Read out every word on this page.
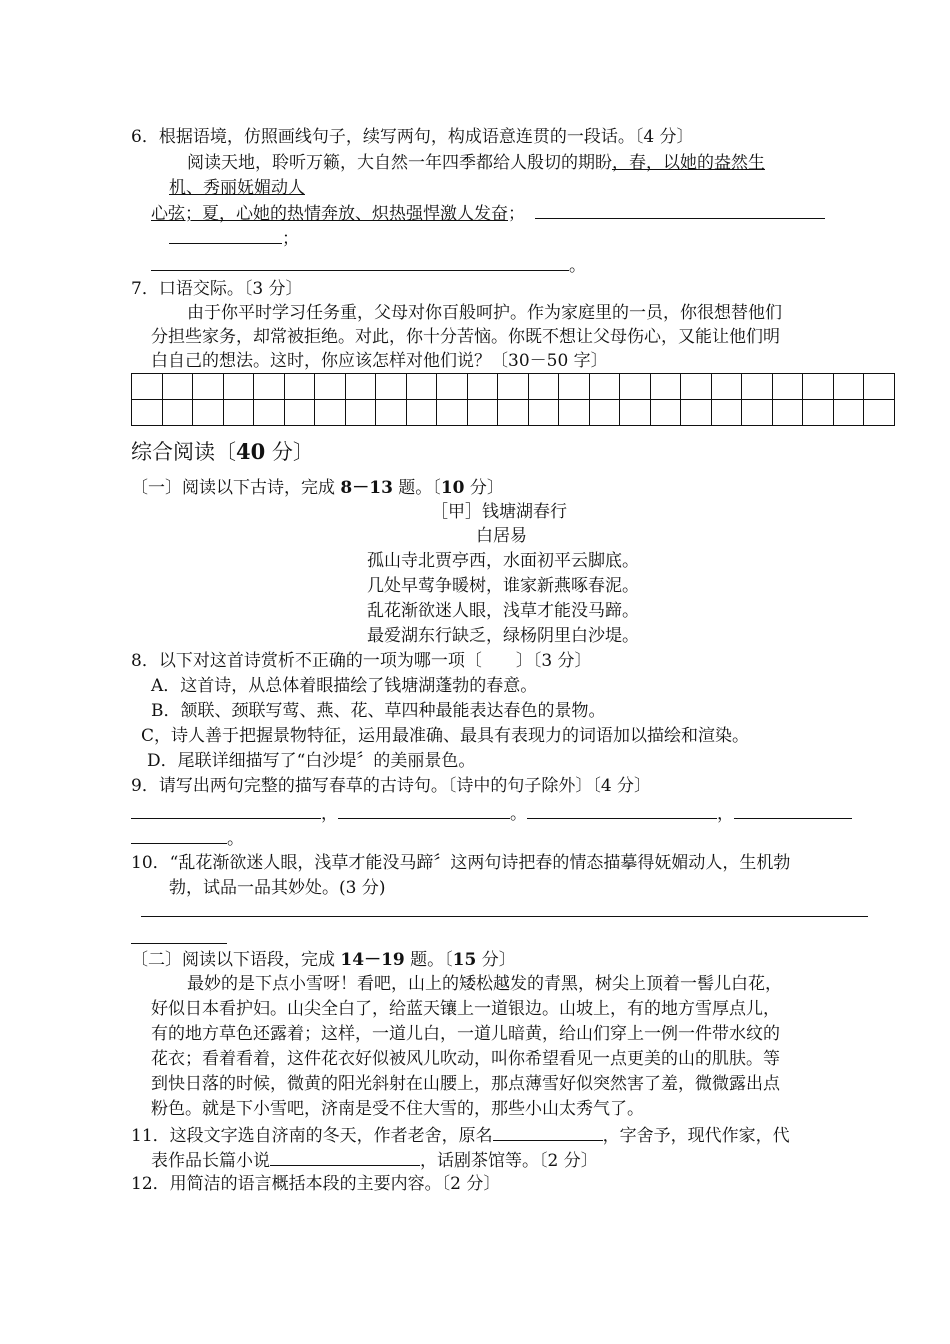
6．根据语境，仿照画线句子，续写两句，构成语意连贯的一段话。〔4 分〕
阅读天地，聆听万籁，大自然一年四季都给人殷切的期盼，春，以她的盎然生
机、秀丽妩媚动人
心弦；夏，心她的热情奔放、炽热强悍激人发奋；
；
。
7．口语交际。〔3 分〕
由于你平时学习任务重，父母对你百般呵护。作为家庭里的一员，你很想替他们
分担些家务，却常被拒绝。对此，你十分苦恼。你既不想让父母伤心，又能让他们明
白自己的想法。这时，你应该怎样对他们说？〔30－50 字〕

综合阅读〔40 分〕
〔一〕阅读以下古诗，完成 8－13 题。〔10 分〕
［甲］钱塘湖春行
白居易
孤山寺北贾亭西，水面初平云脚底。
几处早莺争暖树，谁家新燕啄春泥。
乱花渐欲迷人眼，浅草才能没马蹄。
最爱湖东行缺乏，绿杨阴里白沙堤。
8．以下对这首诗赏析不正确的一项为哪一项〔　　〕〔3 分〕
A．这首诗，从总体着眼描绘了钱塘湖蓬勃的春意。
B．颔联、颈联写莺、燕、花、草四种最能表达春色的景物。
C，诗人善于把握景物特征，运用最准确、最具有表现力的词语加以描绘和渲染。
D．尾联详细描写了“白沙堤〞的美丽景色。
9．请写出两句完整的描写春草的古诗句。〔诗中的句子除外〕〔4 分〕
，	。	，
。
10．“乱花渐欲迷人眼，浅草才能没马蹄〞这两句诗把春的情态描摹得妩媚动人，生机勃
勃，试品一品其妙处。(3 分)
〔二〕阅读以下语段，完成 14－19 题。〔15 分〕
最妙的是下点小雪呀！看吧，山上的矮松越发的青黑，树尖上顶着一髻儿白花，
好似日本看护妇。山尖全白了，给蓝天镶上一道银边。山坡上，有的地方雪厚点儿，
有的地方草色还露着；这样，一道儿白，一道儿暗黄，给山们穿上一例一件带水纹的
花衣；看着看着，这件花衣好似被风儿吹动，叫你希望看见一点更美的山的肌肤。等
到快日落的时候，微黄的阳光斜射在山腰上，那点薄雪好似突然害了羞，微微露出点
粉色。就是下小雪吧，济南是受不住大雪的，那些小山太秀气了。
11．这段文字选自济南的冬天，作者老舍，原名	，字舍予，现代作家，代
表作品长篇小说	，话剧茶馆等。〔2 分〕
12．用简洁的语言概括本段的主要内容。〔2 分〕
